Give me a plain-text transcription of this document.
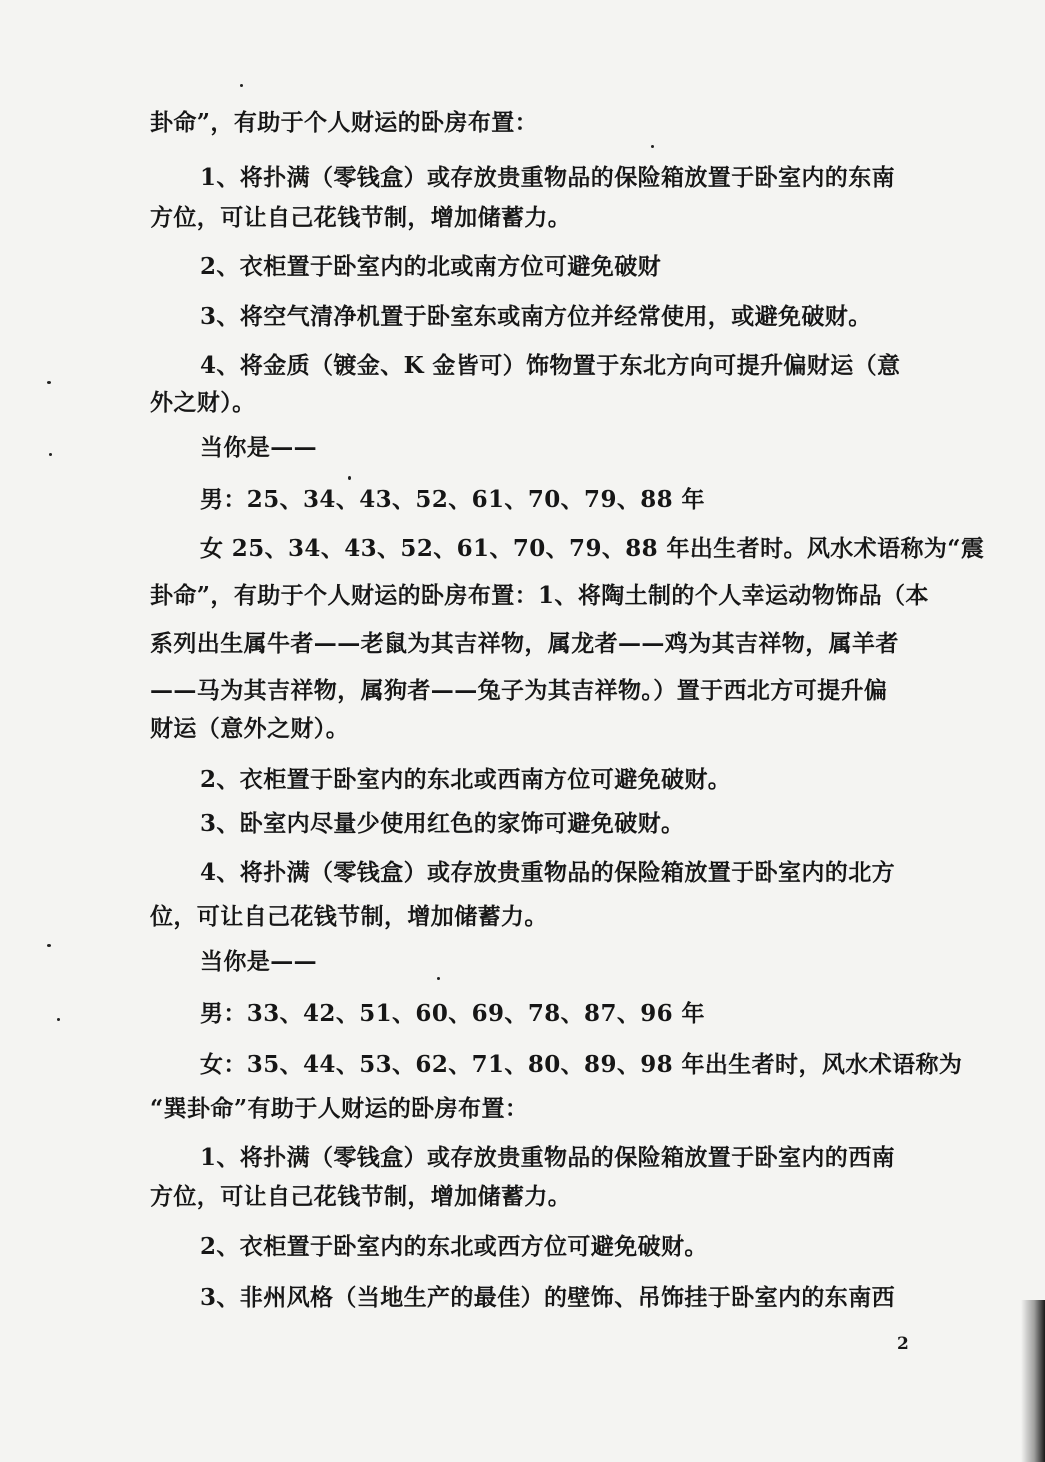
卦命”，有助于个人财运的卧房布置：
1、将扑满（零钱盒）或存放贵重物品的保险箱放置于卧室内的东南
方位，可让自己花钱节制，增加储蓄力。
2、衣柜置于卧室内的北或南方位可避免破财
3、将空气清净机置于卧室东或南方位并经常使用，或避免破财。
4、将金质（镀金、K 金皆可）饰物置于东北方向可提升偏财运（意
外之财）。
当你是——
男：25、34、43、52、61、70、79、88 年
女 25、34、43、52、61、70、79、88 年出生者时。风水术语称为“震
卦命”，有助于个人财运的卧房布置：1、将陶土制的个人幸运动物饰品（本
系列出生属牛者——老鼠为其吉祥物，属龙者——鸡为其吉祥物，属羊者
——马为其吉祥物，属狗者——兔子为其吉祥物。）置于西北方可提升偏
财运（意外之财）。
2、衣柜置于卧室内的东北或西南方位可避免破财。
3、卧室内尽量少使用红色的家饰可避免破财。
4、将扑满（零钱盒）或存放贵重物品的保险箱放置于卧室内的北方
位，可让自己花钱节制，增加储蓄力。
当你是——
男：33、42、51、60、69、78、87、96 年
女：35、44、53、62、71、80、89、98 年出生者时，风水术语称为
“巽卦命”有助于人财运的卧房布置：
1、将扑满（零钱盒）或存放贵重物品的保险箱放置于卧室内的西南
方位，可让自己花钱节制，增加储蓄力。
2、衣柜置于卧室内的东北或西方位可避免破财。
3、非州风格（当地生产的最佳）的壁饰、吊饰挂于卧室内的东南西
2
